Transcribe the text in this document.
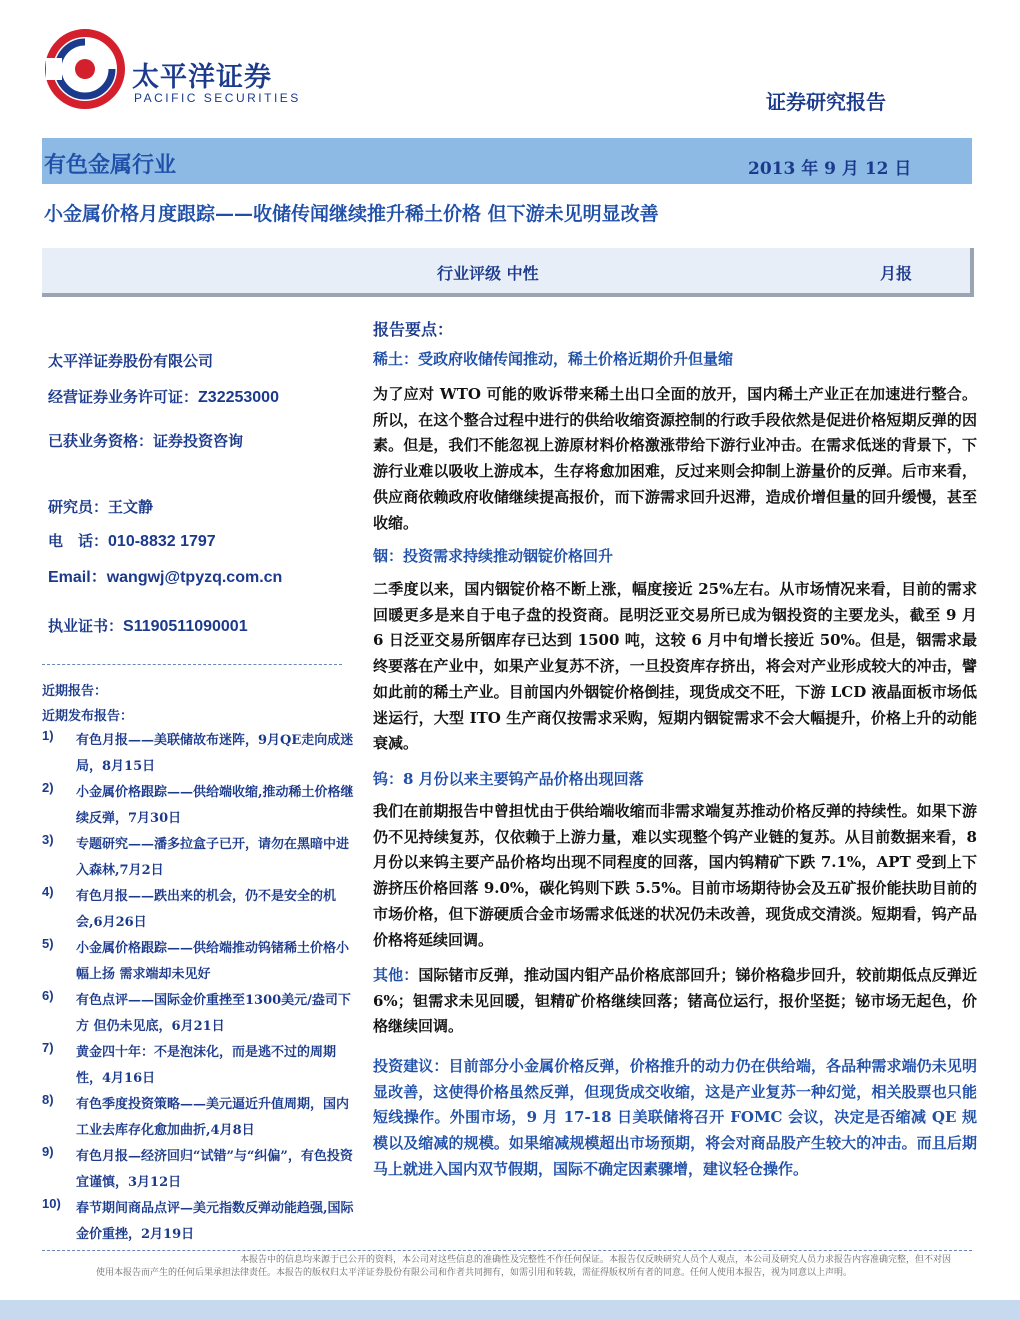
太平洋证券
PACIFIC SECURITIES	证券研究报告
有色金属行业	2013 年 9 月 12 日
小金属价格月度跟踪——收储传闻继续推升稀土价格 但下游未见明显改善
行业评级 中性	月报
太平洋证券股份有限公司
经营证券业务许可证：Z32253000
已获业务资格：证券投资咨询
研究员：王文静
电　话：010-8832 1797
Email：wangwj@tpyzq.com.cn
执业证书：S1190511090001
近期报告：
近期发布报告：
1) 有色月报——美联储故布迷阵，9月QE走向成迷局，8月15日
2) 小金属价格跟踪——供给端收缩,推动稀土价格继续反弹，7月30日
3) 专题研究——潘多拉盒子已开，请勿在黑暗中进入森林,7月2日
4) 有色月报——跌出来的机会，仍不是安全的机会,6月26日
5) 小金属价格跟踪——供给端推动钨锗稀土价格小幅上扬 需求端却未见好
6) 有色点评——国际金价重挫至1300美元/盎司下方 但仍未见底，6月21日
7) 黄金四十年：不是泡沫化，而是逃不过的周期性，4月16日
8) 有色季度投资策略——美元逼近升值周期，国内工业去库存化愈加曲折,4月8日
9) 有色月报—经济回归“试错”与“纠偏”，有色投资宜谨慎，3月12日
10) 春节期间商品点评—美元指数反弹动能趋强,国际金价重挫，2月19日
报告要点：
稀土：受政府收储传闻推动，稀土价格近期价升但量缩
为了应对 WTO 可能的败诉带来稀土出口全面的放开，国内稀土产业正在加速进行整合。所以，在这个整合过程中进行的供给收缩资源控制的行政手段依然是促进价格短期反弹的因素。但是，我们不能忽视上游原材料价格激涨带给下游行业冲击。在需求低迷的背景下，下游行业难以吸收上游成本，生存将愈加困难，反过来则会抑制上游量价的反弹。后市来看，供应商依赖政府收储继续提高报价，而下游需求回升迟滞，造成价增但量的回升缓慢，甚至收缩。
铟：投资需求持续推动铟锭价格回升
二季度以来，国内铟锭价格不断上涨，幅度接近 25%左右。从市场情况来看，目前的需求回暖更多是来自于电子盘的投资商。昆明泛亚交易所已成为铟投资的主要龙头，截至 9 月 6 日泛亚交易所铟库存已达到 1500 吨，这较 6 月中旬增长接近 50%。但是，铟需求最终要落在产业中，如果产业复苏不济，一旦投资库存挤出，将会对产业形成较大的冲击，譬如此前的稀土产业。目前国内外铟锭价格倒挂，现货成交不旺，下游 LCD 液晶面板市场低迷运行，大型 ITO 生产商仅按需求采购，短期内铟锭需求不会大幅提升，价格上升的动能衰减。
钨：8 月份以来主要钨产品价格出现回落
我们在前期报告中曾担忧由于供给端收缩而非需求端复苏推动价格反弹的持续性。如果下游仍不见持续复苏，仅依赖于上游力量，难以实现整个钨产业链的复苏。从目前数据来看，8 月份以来钨主要产品价格均出现不同程度的回落，国内钨精矿下跌 7.1%，APT 受到上下游挤压价格回落 9.0%，碳化钨则下跌 5.5%。目前市场期待协会及五矿报价能扶助目前的市场价格，但下游硬质合金市场需求低迷的状况仍未改善，现货成交清淡。短期看，钨产品价格将延续回调。
其他：国际锗市反弹，推动国内钼产品价格底部回升；锑价格稳步回升，较前期低点反弹近 6%；钽需求未见回暖，钽精矿价格继续回落；锗高位运行，报价坚挺；铋市场无起色，价格继续回调。
投资建议：目前部分小金属价格反弹，价格推升的动力仍在供给端，各品种需求端仍未见明显改善，这使得价格虽然反弹，但现货成交收缩，这是产业复苏一种幻觉，相关股票也只能短线操作。外围市场，9 月 17-18 日美联储将召开 FOMC 会议，决定是否缩减 QE 规模以及缩减的规模。如果缩减规模超出市场预期，将会对商品股产生较大的冲击。而且后期马上就进入国内双节假期，国际不确定因素骤增，建议轻仓操作。
　　　　　　　　　　　　　　　　本报告中的信息均来源于已公开的资料，本公司对这些信息的准确性及完整性不作任何保证。本报告仅反映研究人员个人观点，本公司及研究人员力求报告内容准确完整，但不对因使用本报告而产生的任何后果承担法律责任。本报告的版权归太平洋证券股份有限公司和作者共同拥有，如需引用和转载，需征得版权所有者的同意。任何人使用本报告，视为同意以上声明。
